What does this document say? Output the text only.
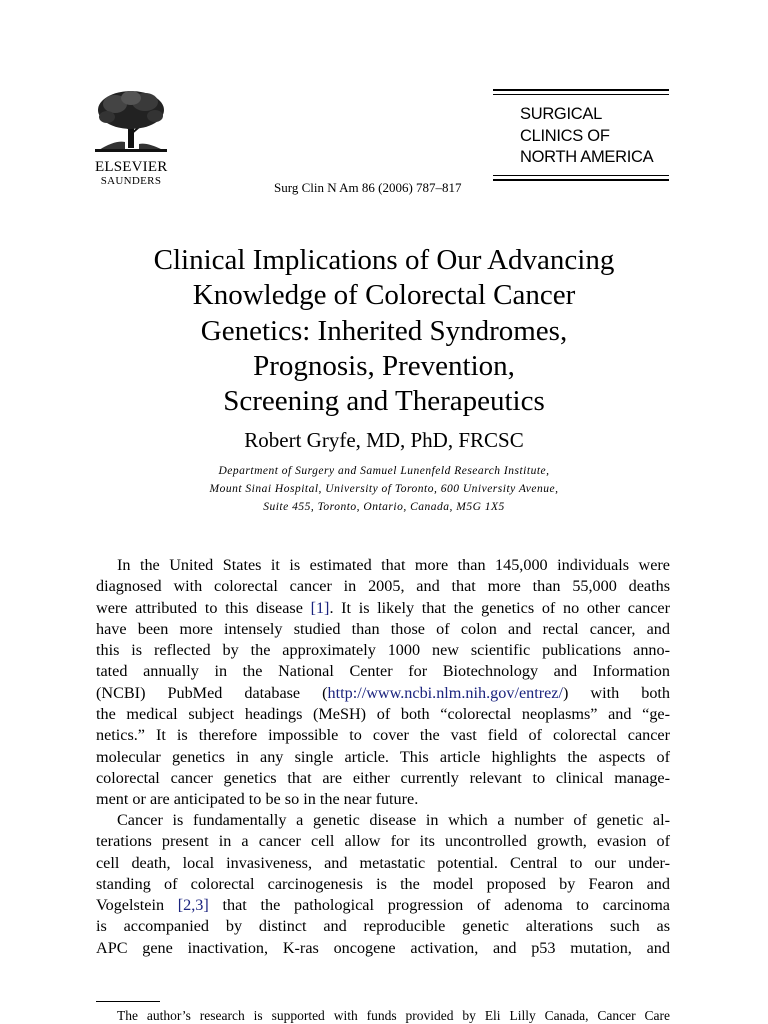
ELSEVIER
SAUNDERS	Surg Clin N Am 86 (2006) 787–817
SURGICAL
CLINICS OF
NORTH AMERICA
Clinical Implications of Our Advancing
Knowledge of Colorectal Cancer
Genetics: Inherited Syndromes,
Prognosis, Prevention,
Screening and Therapeutics
Robert Gryfe, MD, PhD, FRCSC
Department of Surgery and Samuel Lunenfeld Research Institute,
Mount Sinai Hospital, University of Toronto, 600 University Avenue,
Suite 455, Toronto, Ontario, Canada, M5G 1X5
In the United States it is estimated that more than 145,000 individuals were
diagnosed with colorectal cancer in 2005, and that more than 55,000 deaths
were attributed to this disease [1]. It is likely that the genetics of no other cancer
have been more intensely studied than those of colon and rectal cancer, and
this is reflected by the approximately 1000 new scientific publications anno-
tated annually in the National Center for Biotechnology and Information
(NCBI) PubMed database (http://www.ncbi.nlm.nih.gov/entrez/) with both
the medical subject headings (MeSH) of both “colorectal neoplasms” and “ge-
netics.” It is therefore impossible to cover the vast field of colorectal cancer
molecular genetics in any single article. This article highlights the aspects of
colorectal cancer genetics that are either currently relevant to clinical manage-
ment or are anticipated to be so in the near future.
Cancer is fundamentally a genetic disease in which a number of genetic al-
terations present in a cancer cell allow for its uncontrolled growth, evasion of
cell death, local invasiveness, and metastatic potential. Central to our under-
standing of colorectal carcinogenesis is the model proposed by Fearon and
Vogelstein [2,3] that the pathological progression of adenoma to carcinoma
is accompanied by distinct and reproducible genetic alterations such as
APC gene inactivation, K-ras oncogene activation, and p53 mutation, and
The author’s research is supported with funds provided by Eli Lilly Canada, Cancer Care
